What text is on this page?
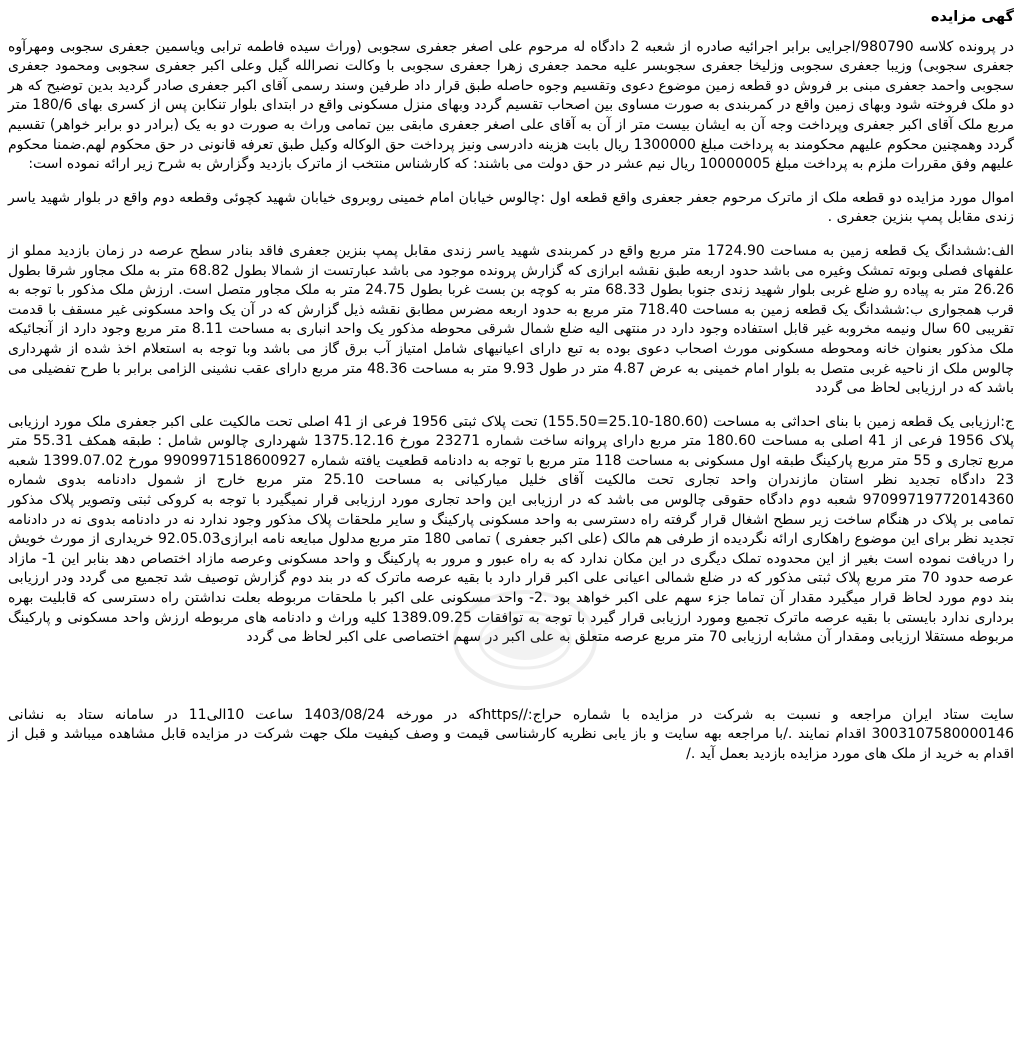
گهی مزایده

در پرونده کلاسه 980790/اجرایی برابر اجرائیه صادره از شعبه 2 دادگاه له مرحوم علی اصغر جعفری سجوبی (وراث سیده فاطمه ترابی ویاسمین جعفری سجوبی ومهرآوه جعفری سجوبی) وزیبا جعفری سجوبی وزلیخا جعفری سجوبسر علیه محمد جعفری زهرا جعفری سجوبی با وکالت نصرالله گیل وعلی اکبر جعفری سجوبی ومحمود جعفری سجوبی واحمد جعفری مبنی بر فروش دو قطعه زمین موضوع دعوی وتقسیم وجوه حاصله طبق قرار داد طرفین وسند رسمی آقای اکبر جعفری صادر گردید بدین توضیح که هر دو ملک فروخته شود وبهای زمین واقع در کمربندی به صورت مساوی بین اصحاب تقسیم گردد وبهای منزل مسکونی واقع در ابتدای بلوار تنکابن پس از کسری بهای 180/6 متر مربع ملک آقای اکبر جعفری وپرداخت وجه آن به ایشان بیست متر از آن به آقای علی اصغر جعفری مابقی بین تمامی وراث به صورت دو به یک (برادر دو برابر خواهر) تقسیم گردد وهمچنین محکوم علیهم محکومند به پرداخت مبلغ 1300000 ریال بابت هزینه دادرسی ونیز پرداخت حق الوکاله وکیل طبق تعرفه قانونی در حق محکوم لهم.ضمنا محکوم علیهم وفق مقررات ملزم به پرداخت مبلغ 10000005 ریال نیم عشر در حق دولت می باشند: که کارشناس منتخب از ماترک بازدید وگزارش به شرح زیر ارائه نموده است:

اموال مورد مزایده دو قطعه ملک از ماترک مرحوم جعفر جعفری واقع قطعه اول :چالوس خیابان امام خمینی روبروی خیابان شهید کچوئی وقطعه دوم واقع در بلوار شهید یاسر زندی مقابل پمپ بنزین جعفری .

الف:ششدانگ یک قطعه زمین به مساحت 1724.90 متر مربع واقع در کمربندی شهید یاسر زندی مقابل پمپ بنزین جعفری فاقد بنادر سطح عرصه در زمان بازدید مملو از علفهای فصلی وبوته تمشک وغیره می باشد حدود اربعه طبق نقشه ابرازی که گزارش پرونده موجود می باشد عبارتست از شمالا بطول 68.82 متر به ملک مجاور شرقا بطول 26.26 متر به پیاده رو ضلع غربی بلوار شهید زندی جنوبا بطول 68.33 متر به کوچه بن بست غربا بطول 24.75 متر به ملک مجاور متصل است. ارزش ملک مذکور با توجه به قرب همجواری ب:ششدانگ یک قطعه زمین به مساحت 718.40 متر مربع به حدود اربعه مضرس مطابق نقشه ذیل گزارش که در آن یک واحد مسکونی غیر مسقف با قدمت تقریبی 60 سال ونیمه مخروبه غیر قابل استفاده وجود دارد در منتهی الیه ضلع شمال شرقی محوطه مذکور یک واحد انباری به مساحت 8.11 متر مربع وجود دارد از آنجائیکه ملک مذکور بعنوان خانه ومحوطه مسکونی مورث اصحاب دعوی بوده به تبع دارای اعیانیهای شامل امتیاز آب برق گاز می باشد وبا توجه به استعلام اخذ شده از شهرداری چالوس ملک از ناحیه غربی متصل به بلوار امام خمینی به عرض 4.87 متر در طول 9.93 متر به مساحت 48.36 متر مربع دارای عقب نشینی الزامی برابر با طرح تفضیلی می باشد که در ارزیابی لحاظ می گردد

ج:ارزیابی یک قطعه زمین با بنای احداثی به مساحت (180.60-25.10=155.50) تحت پلاک ثبتی 1956 فرعی از 41 اصلی تحت مالکیت علی اکبر جعفری ملک مورد ارزیابی پلاک 1956 فرعی از 41 اصلی به مساحت 180.60 متر مربع دارای پروانه ساخت شماره 23271 مورخ 1375.12.16 شهرداری چالوس شامل : طبقه همکف 55.31 متر مربع تجاری و 55 متر مربع پارکینگ طبقه اول مسکونی به مساحت 118 متر مربع با توجه به دادنامه قطعیت یافته شماره 9909971518600927 مورخ 1399.07.02 شعبه 23 دادگاه تجدید نظر استان مازندران واحد تجاری تحت مالکیت آقای خلیل میارکیانی به مساحت 25.10 متر مربع خارج از شمول دادنامه بدوی شماره 97099719772014360 شعبه دوم دادگاه حقوقی چالوس می باشد که در ارزیابی این واحد تجاری مورد ارزیابی قرار نمیگیرد با توجه به کروکی ثبتی وتصویر پلاک مذکور تمامی بر پلاک در هنگام ساخت زیر سطح اشغال قرار گرفته راه دسترسی به واحد مسکونی پارکینگ و سایر ملحقات پلاک مذکور وجود ندارد نه در دادنامه بدوی نه در دادنامه تجدید نظر برای این موضوع راهکاری ارائه نگردیده از طرفی هم مالک (علی اکبر جعفری ) تمامی 180 متر مربع مدلول مبایعه نامه ابرازی92.05.03 خریداری از مورث خویش را دریافت نموده است بغیر از این محدوده تملک دیگری در این مکان ندارد که به راه عبور و مرور به پارکینگ و واحد مسکونی وعرصه مازاد اختصاص دهد بنابر این 1- مازاد عرصه حدود 70 متر مربع پلاک ثبتی مذکور که در ضلع شمالی اعیانی علی اکبر قرار دارد با بقیه عرصه ماترک که در بند دوم گزارش توصیف شد تجمیع می گردد ودر ارزیابی بند دوم مورد لحاظ قرار میگیرد مقدار آن تماما جزء سهم علی اکبر خواهد بود .2- واحد مسکونی علی اکبر با ملحقات مربوطه بعلت نداشتن راه دسترسی که قابلیت بهره برداری ندارد بایستی با بقیه عرصه ماترک تجمیع ومورد ارزیابی قرار گیرد با توجه به توافقات 1389.09.25 کلیه وراث و دادنامه های مربوطه ارزش واحد مسکونی و پارکینگ مربوطه مستقلا ارزیابی ومقدار آن مشابه ارزیابی 70 متر مربع عرصه متعلق به علی اکبر در سهم اختصاصی علی اکبر لحاظ می گردد

سایت ستاد ایران مراجعه و نسبت به شرکت در مزایده با شماره حراج://httpsکه در مورخه 1403/08/24 ساعت 10الی11 در سامانه ستاد به نشانی 3003107580000146 اقدام نمایند ./با مراجعه بهه سایت و باز یابی نظریه کارشناسی قیمت و وصف کیفیت ملک جهت شرکت در مزایده قابل مشاهده میباشد و قبل از اقدام به خرید از ملک های مورد مزایده بازدید بعمل آید ./
